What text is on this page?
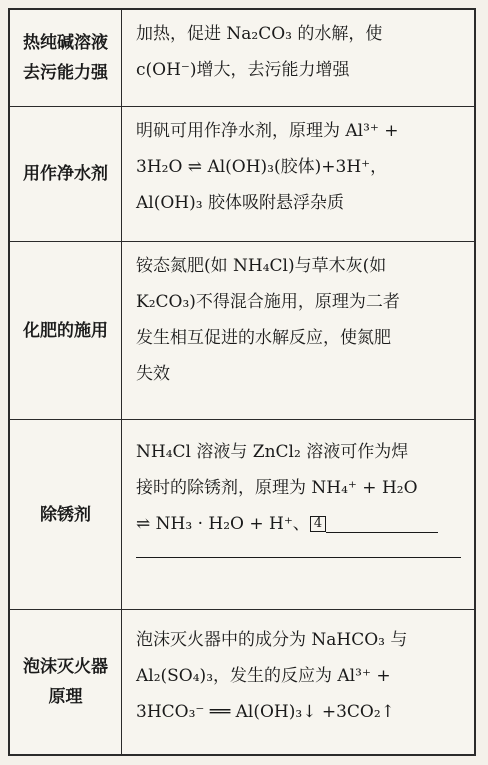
热纯碱溶液
去污能力强
加热，促进 Na₂CO₃ 的水解，使
c(OH⁻)增大，去污能力增强
用作净水剂
明矾可用作净水剂，原理为 Al³⁺ +
3H₂O ⇌ Al(OH)₃(胶体)+3H⁺，
Al(OH)₃ 胶体吸附悬浮杂质
化肥的施用
铵态氮肥(如 NH₄Cl)与草木灰(如
K₂CO₃)不得混合施用，原理为二者
发生相互促进的水解反应，使氮肥
失效
除锈剂
NH₄Cl 溶液与 ZnCl₂ 溶液可作为焊
接时的除锈剂，原理为 NH₄⁺ + H₂O
⇌ NH₃ · H₂O + H⁺、 4
泡沫灭火器
原理
泡沫灭火器中的成分为 NaHCO₃ 与
Al₂(SO₄)₃，发生的反应为 Al³⁺ +
3HCO₃⁻ ══ Al(OH)₃↓ +3CO₂↑
